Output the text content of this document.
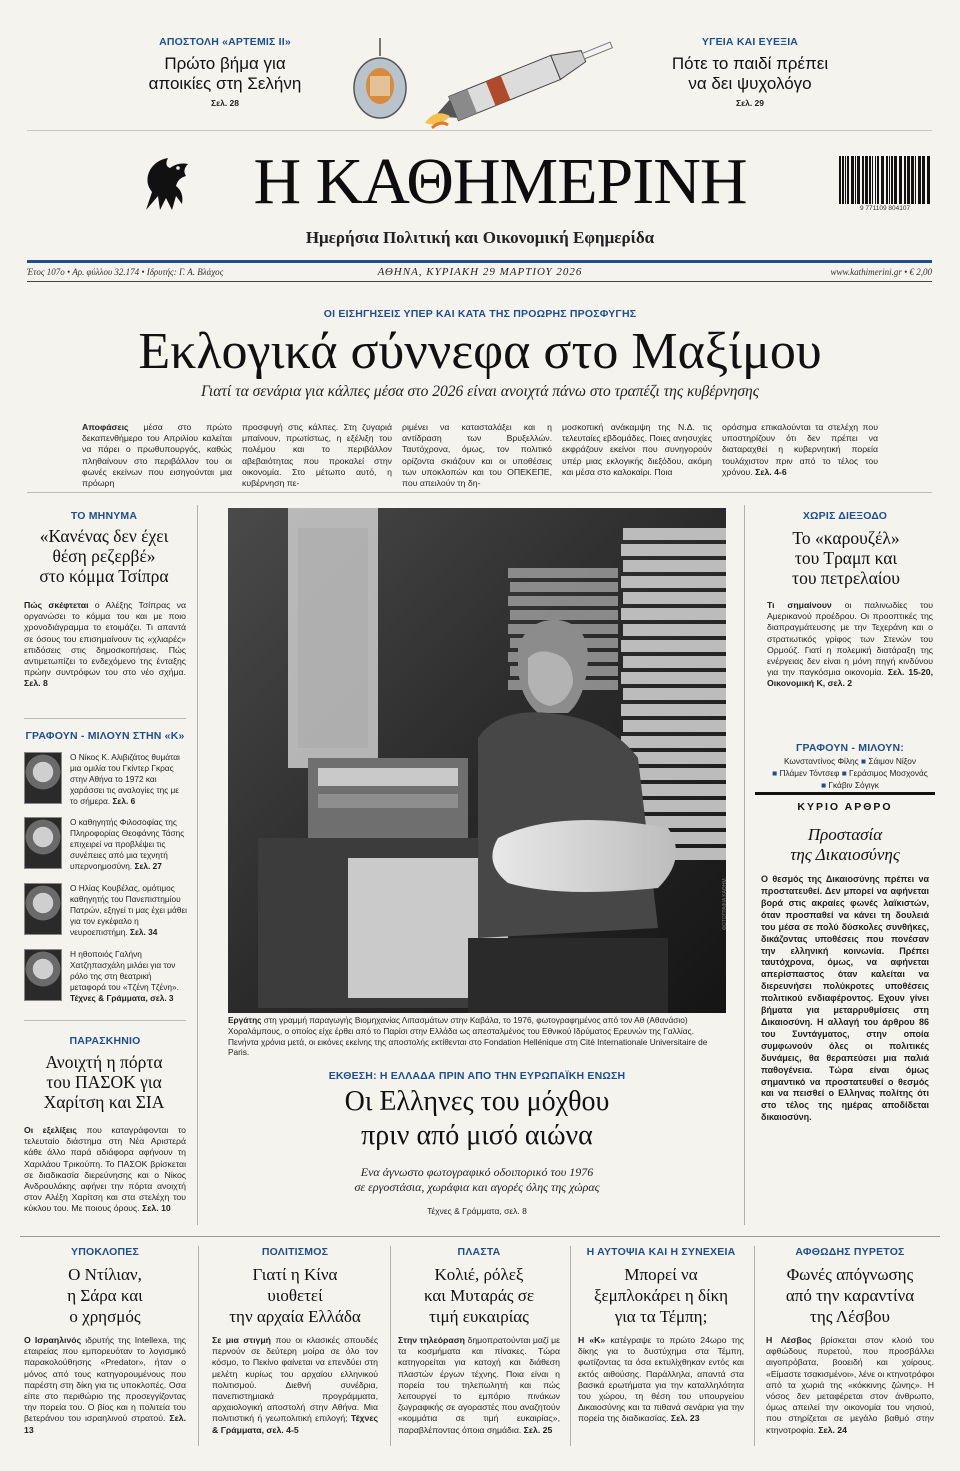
ΑΠΟΣΤΟΛΗ «ΑΡΤΕΜΙΣ ΙΙ»
Πρώτο βήμα για
αποικίες στη Σελήνη
Σελ. 28
ΥΓΕΙΑ ΚΑΙ ΕΥΕΞΙΑ
Πότε το παιδί πρέπει
να δει ψυχολόγο
Σελ. 29
Η ΚΑΘΗΜΕΡΙΝΗ
Ημερήσια Πολιτική και Οικονομική Εφημερίδα
9 771109 804107
Έτος 107ο • Αρ. φύλλου 32.174 • Ιδρυτής: Γ. Α. Βλάχος	ΑΘΗΝΑ, ΚΥΡΙΑΚΗ 29 ΜΑΡΤΙΟΥ 2026	www.kathimerini.gr • € 2,00
ΟΙ ΕΙΣΗΓΗΣΕΙΣ ΥΠΕΡ ΚΑΙ ΚΑΤΑ ΤΗΣ ΠΡΟΩΡΗΣ ΠΡΟΣΦΥΓΗΣ
Εκλογικά σύννεφα στο Μαξίμου
Γιατί τα σενάρια για κάλπες μέσα στο 2026 είναι ανοιχτά πάνω στο τραπέζι της κυβέρνησης
Αποφάσεις μέσα στο πρώτο δεκαπενθήμερο του Απριλίου καλείται να πάρει ο πρωθυπουργός, καθώς πληθαίνουν στο περιβάλλον του οι φωνές εκείνων που εισηγούνται μια πρόωρη
προσφυγή στις κάλπες. Στη ζυγαριά μπαίνουν, πρωτίστως, η εξέλιξη του πολέμου και το περιβάλλον αβεβαιότητας που προκαλεί στην οικονομία. Στο μέτωπο αυτό, η κυβέρνηση πε-
ριμένει να κατασταλάξει και η αντίδραση των Βρυξελλών. Ταυτόχρονα, όμως, τον πολιτικό ορίζοντα σκιάζουν και οι υποθέσεις των υποκλοπών και του ΟΠΕΚΕΠΕ, που απειλούν τη δη-
μοσκοπική ανάκαμψη της Ν.Δ. τις τελευταίες εβδομάδες. Ποιες ανησυχίες εκφράζουν εκείνοι που συνηγορούν υπέρ μιας εκλογικής διεξόδου, ακόμη και μέσα στο καλοκαίρι. Ποια
ορόσημα επικαλούνται τα στελέχη που υποστηρίζουν ότι δεν πρέπει να διαταραχθεί η κυβερνητική πορεία τουλάχιστον πριν από το τέλος του χρόνου. Σελ. 4-6
ΤΟ ΜΗΝΥΜΑ
«Κανένας δεν έχει
θέση ρεζερβέ»
στο κόμμα Τσίπρα
Πώς σκέφτεται ο Αλέξης Τσίπρας να οργανώσει το κόμμα του και με ποιο χρονοδιάγραμμα το ετοιμάζει. Τι απαντά σε όσους του επισημαίνουν τις «χλιαρές» επιδόσεις στις δημοσκοπήσεις. Πώς αντιμετωπίζει το ενδεχόμενο της ένταξης πρώην συντρόφων του στο νέο σχήμα. Σελ. 8
ΓΡΑΦΟΥΝ - ΜΙΛΟΥΝ ΣΤΗΝ «Κ»
Ο Νίκος Κ. Αλιβιζάτος θυμάται μια ομιλία του Γκίντερ Γκρας στην Αθήνα το 1972 και χαράσσει τις αναλογίες της με το σήμερα. Σελ. 6
Ο καθηγητής Φιλοσοφίας της Πληροφορίας Θεοφάνης Τάσης επιχειρεί να προβλέψει τις συνέπειες από μια τεχνητή υπερνοημοσύνη. Σελ. 27
Ο Ηλίας Κουβέλας, ομότιμος καθηγητής του Πανεπιστημίου Πατρών, εξηγεί τι μας έχει μάθει για τον εγκέφαλο η νευροεπιστήμη. Σελ. 34
Η ηθοποιός Γαλήνη Χατζηπασχάλη μιλάει για τον ρόλο της στη θεατρική μεταφορά του «Τζένη Τζένη». Τέχνες & Γράμματα, σελ. 3
ΠΑΡΑΣΚΗΝΙΟ
Ανοιχτή η πόρτα
του ΠΑΣΟΚ για
Χαρίτση και ΣΙΑ
Οι εξελίξεις που καταγράφονται το τελευταίο διάστημα στη Νέα Αριστερά κάθε άλλο παρά αδιάφορα αφήνουν τη Χαριλάου Τρικούπη. Το ΠΑΣΟΚ βρίσκεται σε διαδικασία διερεύνησης και ο Νίκος Ανδρουλάκης αφήνει την πόρτα ανοιχτή στον Αλέξη Χαρίτση και στα στελέχη του κύκλου του. Με ποιους όρους. Σελ. 10
ΦΩΤΟΓΡΑΦΙΑ ΚΑΘΗΜ.
Εργάτης στη γραμμή παραγωγής Βιομηχανίας Λιπασμάτων στην Καβάλα, το 1976, φωτογραφημένος από τον Αθ (Αθανάσιο) Χοραλάμπους, ο οποίος είχε έρθει από το Παρίσι στην Ελλάδα ως απεσταλμένος του Εθνικού Ιδρύματος Ερευνών της Γαλλίας. Πενήντα χρόνια μετά, οι εικόνες εκείνης της αποστολής εκτίθενται στο Fondation Hellénique στη Cité Internationale Universitaire de Paris.
ΕΚΘΕΣΗ: Η ΕΛΛΑΔΑ ΠΡΙΝ ΑΠΟ ΤΗΝ ΕΥΡΩΠΑΪΚΗ ΕΝΩΣΗ
Οι Ελληνες του μόχθου
πριν από μισό αιώνα
Ενα άγνωστο φωτογραφικό οδοιπορικό του 1976
σε εργοστάσια, χωράφια και αγορές όλης της χώρας
Τέχνες & Γράμματα, σελ. 8
ΧΩΡΙΣ ΔΙΕΞΟΔΟ
Το «καρουζέλ»
του Τραμπ και
του πετρελαίου
Τι σημαίνουν οι παλινωδίες του Αμερικανού προέδρου. Οι προοπτικές της διαπραγμάτευσης με την Τεχεράνη και ο στρατιωτικός γρίφος των Στενών του Ορμούζ. Γιατί η πολεμική διατάραξη της ενέργειας δεν είναι η μόνη πηγή κινδύνου για την παγκόσμια οικονομία. Σελ. 15-20, Οικονομική Κ, σελ. 2
ΓΡΑΦΟΥΝ - ΜΙΛΟΥΝ:
Κωνσταντίνος Φίλης ■ Σάιμον Νίξον
■ Πλάμεν Τόντσεφ ■ Γεράσιμος Μοσχονάς
■ Γκάβιν Σόγιγκ
ΚΥΡΙΟ ΑΡΘΡΟ
Προστασία
της Δικαιοσύνης
Ο θεσμός της Δικαιοσύνης πρέπει να προστατευθεί. Δεν μπορεί να αφήνεται βορά στις ακραίες φωνές λαϊκιστών, όταν προσπαθεί να κάνει τη δουλειά του μέσα σε πολύ δύσκολες συνθήκες, δικάζοντας υποθέσεις που πονέσαν την ελληνική κοινωνία. Πρέπει ταυτόχρονα, όμως, να αφήνεται απερίσπαστος όταν καλείται να διερευνήσει πολύκροτες υποθέσεις πολιτικού ενδιαφέροντος. Εχουν γίνει βήματα για μεταρρυθμίσεις στη Δικαιοσύνη. Η αλλαγή του άρθρου 86 του Συντάγματος, στην οποία συμφωνούν όλες οι πολιτικές δυνάμεις, θα θεραπεύσει μια παλιά παθογένεια. Τώρα είναι όμως σημαντικό να προστατευθεί ο θεσμός και να πεισθεί ο Ελληνας πολίτης ότι στο τέλος της ημέρας αποδίδεται δικαιοσύνη.
ΥΠΟΚΛΟΠΕΣ
Ο Ντίλιαν,
η Σάρα και
ο χρησμός
Ο Ισραηλινός ιδρυτής της Intellexa, της εταιρείας που εμπορευόταν το λογισμικό παρακολούθησης «Predator», ήταν ο μόνος από τους κατηγορουμένους που παρέστη στη δίκη για τις υποκλοπές. Οσα είπε στο περιθώριο της προσεγγίζοντας την πορεία του. Ο βίος και η πολιτεία του βετεράνου του ισραηλινού στρατού. Σελ. 13
ΠΟΛΙΤΙΣΜΟΣ
Γιατί η Κίνα
υιοθετεί
την αρχαία Ελλάδα
Σε μια στιγμή που οι κλασικές σπουδές περνούν σε δεύτερη μοίρα σε όλο τον κόσμο, το Πεκίνο φαίνεται να επενδύει στη μελέτη κυρίως του αρχαίου ελληνικού πολιτισμού. Διεθνή συνέδρια, πανεπιστημιακά προγράμματα, αρχαιολογική αποστολή στην Αθήνα. Μια πολιτιστική ή γεωπολιτική επιλογή; Τέχνες & Γράμματα, σελ. 4-5
ΠΛΑΣΤΑ
Κολιέ, ρόλεξ
και Μυταράς σε
τιμή ευκαιρίας
Στην τηλεόραση δημοπρατούνται μαζί με τα κοσμήματα και πίνακες. Τώρα κατηγορείται για κατοχή και διάθεση πλαστών έργων τέχνης. Ποια είναι η πορεία του τηλεπωλητή και πώς λειτουργεί το εμπόριο πινάκων ζωγραφικής σε αγοραστές που αναζητούν «κομμάτια σε τιμή ευκαιρίας», παραβλέποντας όποια σημάδια. Σελ. 25
Η ΑΥΤΟΨΙΑ ΚΑΙ Η ΣΥΝΕΧΕΙΑ
Μπορεί να
ξεμπλοκάρει η δίκη
για τα Τέμπη;
Η «Κ» κατέγραψε το πρώτο 24ωρο της δίκης για το δυστύχημα στα Τέμπη, φωτίζοντας τα όσα εκτυλίχθηκαν εντός και εκτός αιθούσης. Παράλληλα, απαντά στα βασικά ερωτήματα για την καταλληλότητα του χώρου, τη θέση του υπουργείου Δικαιοσύνης και τα πιθανά σενάρια για την πορεία της διαδικασίας. Σελ. 23
ΑΦΘΩΔΗΣ ΠΥΡΕΤΟΣ
Φωνές απόγνωσης
από την καραντίνα
της Λέσβου
Η Λέσβος βρίσκεται στον κλοιό του αφθώδους πυρετού, που προσβάλλει αιγοπρόβατα, βοοειδή και χοίρους. «Είμαστε τσακισμένοι», λένε οι κτηνοτρόφοι από τα χωριά της «κόκκινης ζώνης». Η νόσος δεν μεταφέρεται στον άνθρωπο, όμως απειλεί την οικονομία του νησιού, που στηρίζεται σε μεγάλο βαθμό στην κτηνοτροφία. Σελ. 24
